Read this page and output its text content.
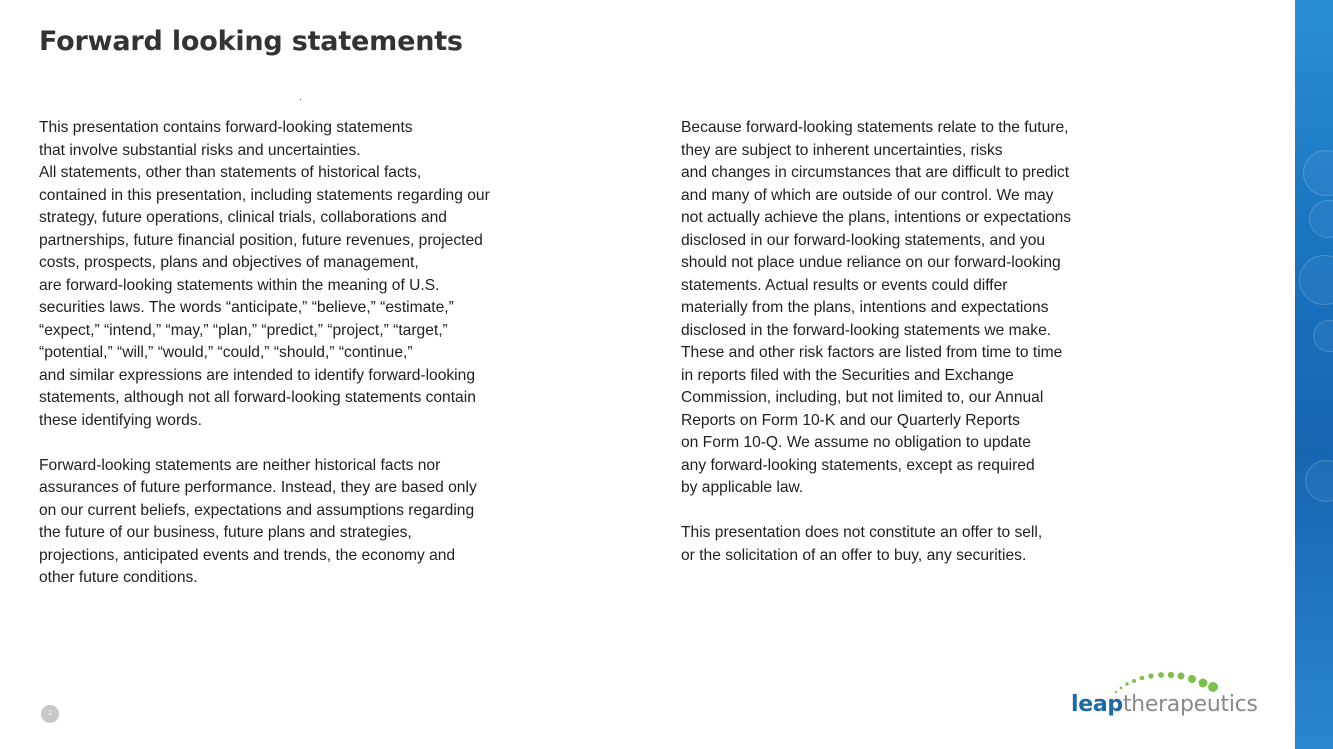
Forward looking statements
This presentation contains forward-looking statements
that involve substantial risks and uncertainties.
All statements, other than statements of historical facts,
contained in this presentation, including statements regarding our
strategy, future operations, clinical trials, collaborations and
partnerships, future financial position, future revenues, projected
costs, prospects, plans and objectives of management,
are forward-looking statements within the meaning of U.S.
securities laws. The words “anticipate,” “believe,” “estimate,”
“expect,” “intend,” “may,” “plan,” “predict,” “project,” “target,”
“potential,” “will,” “would,” “could,” “should,” “continue,”
and similar expressions are intended to identify forward-looking
statements, although not all forward-looking statements contain
these identifying words.
Forward-looking statements are neither historical facts nor
assurances of future performance. Instead, they are based only
on our current beliefs, expectations and assumptions regarding
the future of our business, future plans and strategies,
projections, anticipated events and trends, the economy and
other future conditions.
Because forward-looking statements relate to the future,
they are subject to inherent uncertainties, risks
and changes in circumstances that are difficult to predict
and many of which are outside of our control. We may
not actually achieve the plans, intentions or expectations
disclosed in our forward-looking statements, and you
should not place undue reliance on our forward-looking
statements. Actual results or events could differ
materially from the plans, intentions and expectations
disclosed in the forward-looking statements we make.
These and other risk factors are listed from time to time
in reports filed with the Securities and Exchange
Commission, including, but not limited to, our Annual
Reports on Form 10-K and our Quarterly Reports
on Form 10-Q. We assume no obligation to update
any forward-looking statements, except as required
by applicable law.
This presentation does not constitute an offer to sell,
or the solicitation of an offer to buy, any securities.
2	leaptherapeutics
